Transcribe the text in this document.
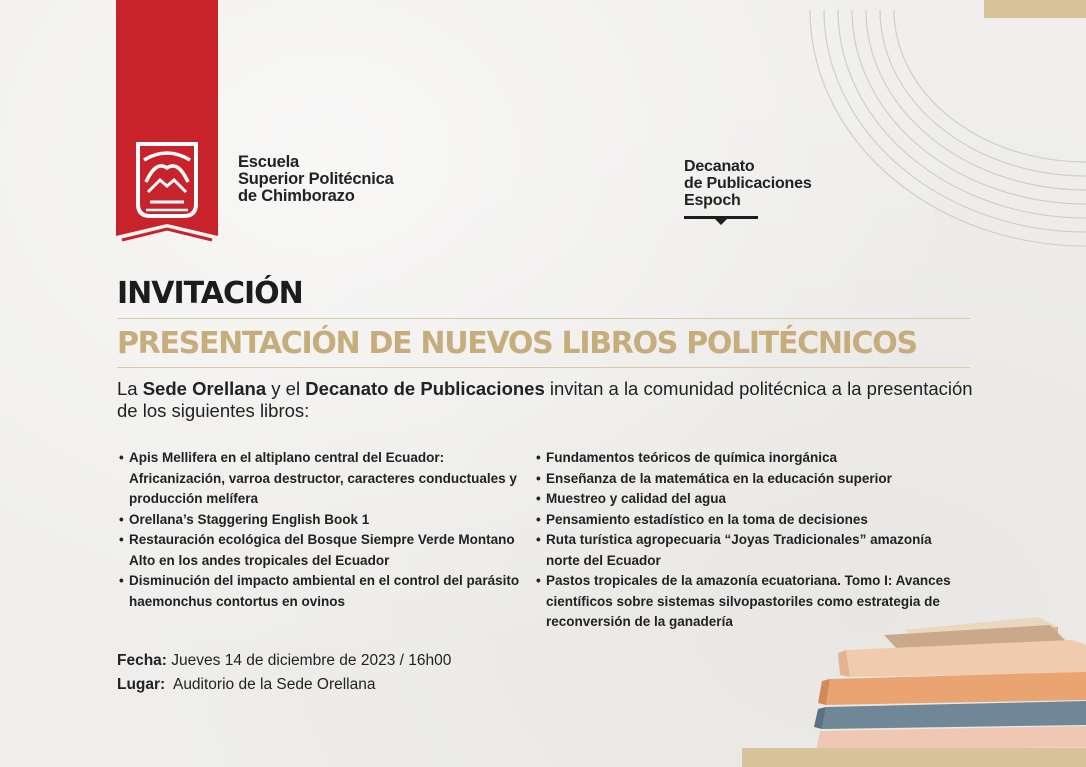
Escuela
Superior Politécnica
de Chimborazo
Decanato
de Publicaciones
Espoch
INVITACIÓN
PRESENTACIÓN DE NUEVOS LIBROS POLITÉCNICOS
La Sede Orellana y el Decanato de Publicaciones invitan a la comunidad politécnica a la presentación de los siguientes libros:
• Apis Mellifera en el altiplano central del Ecuador: Africanización, varroa destructor, caracteres conductuales y producción melífera
• Orellana’s Staggering English Book 1
• Restauración ecológica del Bosque Siempre Verde Montano Alto en los andes tropicales del Ecuador
• Disminución del impacto ambiental en el control del parásito haemonchus contortus en ovinos
• Fundamentos teóricos de química inorgánica
• Enseñanza de la matemática en la educación superior
• Muestreo y calidad del agua
• Pensamiento estadístico en la toma de decisiones
• Ruta turística agropecuaria “Joyas Tradicionales” amazonía norte del Ecuador
• Pastos tropicales de la amazonía ecuatoriana. Tomo I: Avances científicos sobre sistemas silvopastoriles como estrategia de reconversión de la ganadería
Fecha: Jueves 14 de diciembre de 2023 / 16h00
Lugar:  Auditorio de la Sede Orellana
